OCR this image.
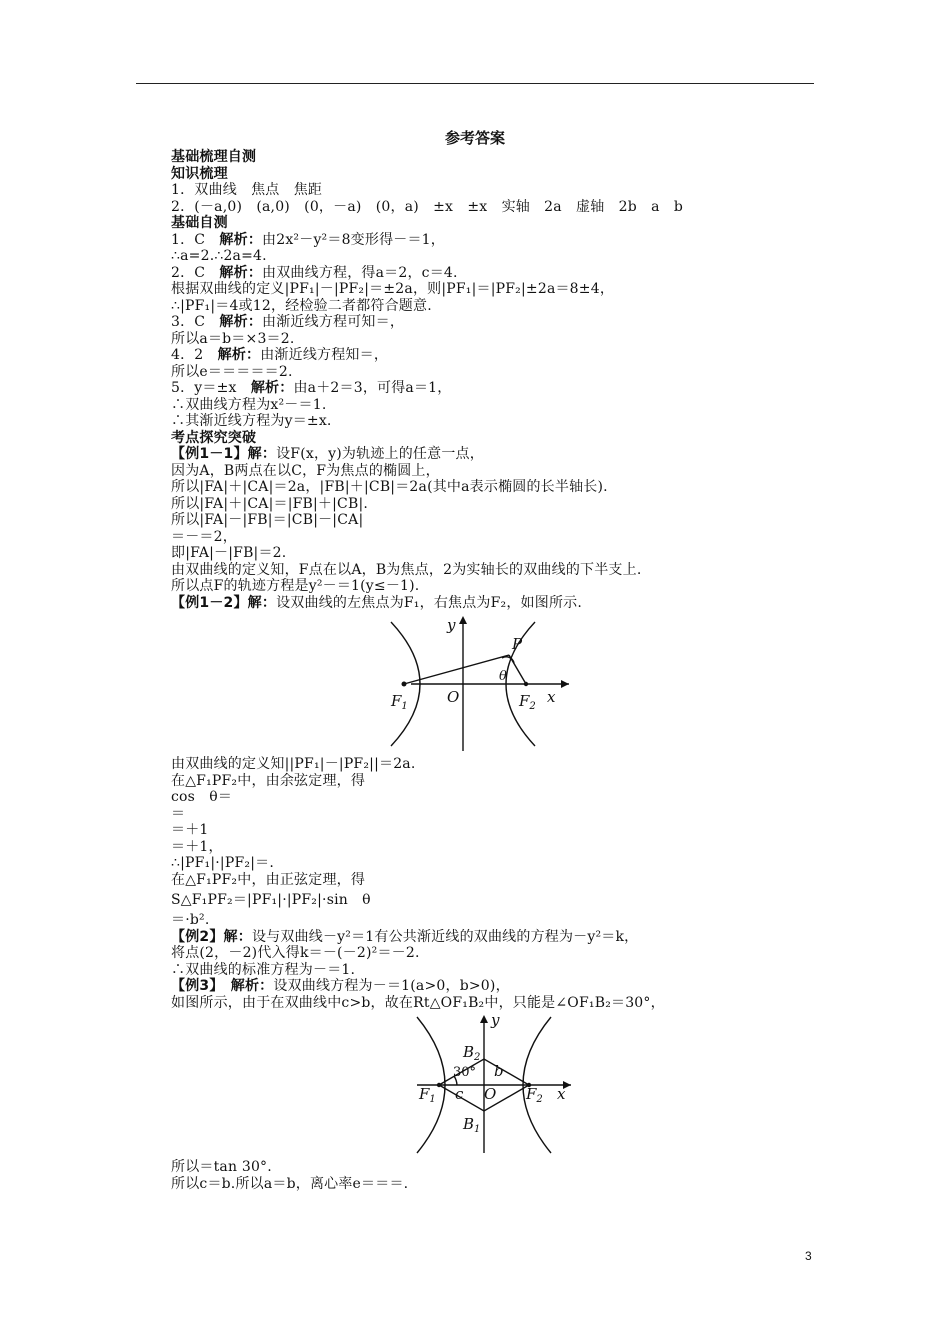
参考答案
基础梳理自测
知识梳理
1．双曲线　焦点　焦距
2．(－a,0)　(a,0)　(0，－a)　(0，a)　±x　±x　实轴　2a　虚轴　2b　a　b
基础自测
1．C　解析：由2x²－y²＝8变形得－＝1，
∴a=2.∴2a=4.
2．C　解析：由双曲线方程，得a＝2，c＝4.
根据双曲线的定义|PF₁|－|PF₂|＝±2a，则|PF₁|＝|PF₂|±2a＝8±4，
∴|PF₁|＝4或12，经检验二者都符合题意.
3．C　解析：由渐近线方程可知＝，
所以a＝b＝×3＝2.
4．2　解析：由渐近线方程知＝，
所以e＝＝＝＝＝2.
5．y＝±x　解析：由a＋2＝3，可得a＝1，
∴双曲线方程为x²－＝1.
∴其渐近线方程为y＝±x.
考点探究突破
【例1－1】解：设F(x，y)为轨迹上的任意一点，
因为A，B两点在以C，F为焦点的椭圆上，
所以|FA|＋|CA|＝2a，|FB|＋|CB|＝2a(其中a表示椭圆的长半轴长).
所以|FA|＋|CA|＝|FB|＋|CB|.
所以|FA|－|FB|＝|CB|－|CA|
＝－＝2，
即|FA|－|FB|＝2.
由双曲线的定义知，F点在以A，B为焦点，2为实轴长的双曲线的下半支上.
所以点F的轨迹方程是y²－＝1(y≤－1).
【例1－2】解：设双曲线的左焦点为F₁，右焦点为F₂，如图所示.
y
P
θ
$F_1$
O	$F_2$
x
由双曲线的定义知||PF₁|－|PF₂||＝2a.
在△F₁PF₂中，由余弦定理，得
cos　θ＝
＝
＝＋1
＝＋1，
∴|PF₁|·|PF₂|＝.
在△F₁PF₂中，由正弦定理，得
S△F₁PF₂＝|PF₁|·|PF₂|·sin　θ
＝·b².
【例2】解：设与双曲线－y²＝1有公共渐近线的双曲线的方程为－y²＝k，
将点(2，－2)代入得k＝－(－2)²＝－2.
∴双曲线的标准方程为－＝1.
【例3】　解析：设双曲线方程为－＝1(a>0，b>0)，
如图所示，由于在双曲线中c>b，故在Rt△OF₁B₂中，只能是∠OF₁B₂＝30°，
y
$B_2$
30° b
$F_1$ c O $F_2$ x
$B_1$
所以＝tan 30°.
所以c＝b.所以a＝b，离心率e＝＝＝.
3
